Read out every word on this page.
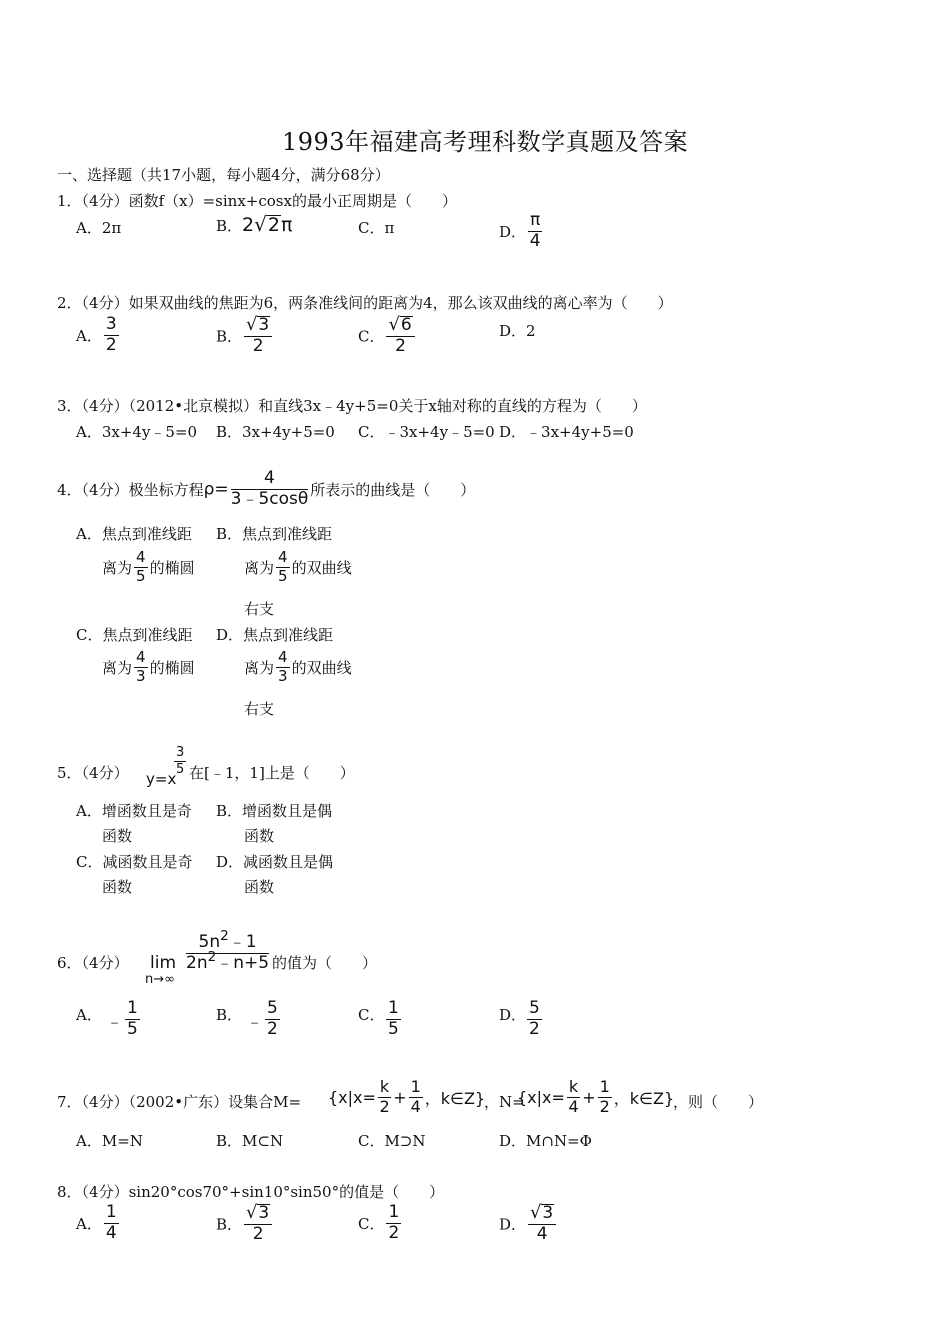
1993年福建高考理科数学真题及答案
一、选择题（共17小题，每小题4分，满分68分）
1．（4分）函数f（x）=sinx+cosx的最小正周期是（　　）
A．2π	B．2 √ 2 π	C．π	D． $\frac{\pi}{4}$
2．（4分）如果双曲线的焦距为6，两条准线间的距离为4，那么该双曲线的离心率为（　　）
A． $\frac{3}{2}$	B． $\frac{√ 3}{2}$	C． $\frac{√ 6}{2}$	D．2
3．（4分）（2012•北京模拟）和直线3x﹣4y+5=0关于x轴对称的直线的方程为（　　）
A．3x+4y﹣5=0 B．3x+4y+5=0 C．﹣3x+4y﹣5=0 D．﹣3x+4y+5=0
4．（4分）极坐标方程$\rho= \frac{4}{3﹣5\cos\theta}$ 所表示的曲线是（　　）
A．焦点到准线距
离为 $\frac{4}{5}$ 的椭圆
B．焦点到准线距
离为 $\frac{4}{5}$ 的双曲线
右支
C．焦点到准线距
离为 $\frac{4}{3}$ 的椭圆
D．焦点到准线距
离为 $\frac{4}{3}$ 的双曲线
右支
5．（4分） y=x
3
5 在[﹣1，1]上是（　　）
A．增函数且是奇
函数
B．增函数且是偶
函数
C．减函数且是奇
函数
D．减函数且是偶
函数
6．（4分） lim
n→∞
$5n^2﹣1$
$2n^2﹣n+5$ 的值为（　　）
A． ﹣ $\frac{1}{5}$	B． ﹣ $\frac{5}{2}$	C． $\frac{1}{5}$	D． $\frac{5}{2}$
7．（4分）（2002•广东）设集合$M= \{x|x= \frac{k}{2} + \frac{1}{4}$ ，k∈Z}
，N=
{$x|x= \frac{k}{4} + \frac{1}{2}$ ，k∈Z}
，则（　　）
A．M=N	B．M⊂N	C．M⊃N	D．M∩N=Φ
8．（4分）sin20°cos70°+sin10°sin50°的值是（　　）
A． $\frac{1}{4}$	B． $\frac{√ 3}{2}$	C． $\frac{1}{2}$	D． $\frac{√ 3}{4}$
